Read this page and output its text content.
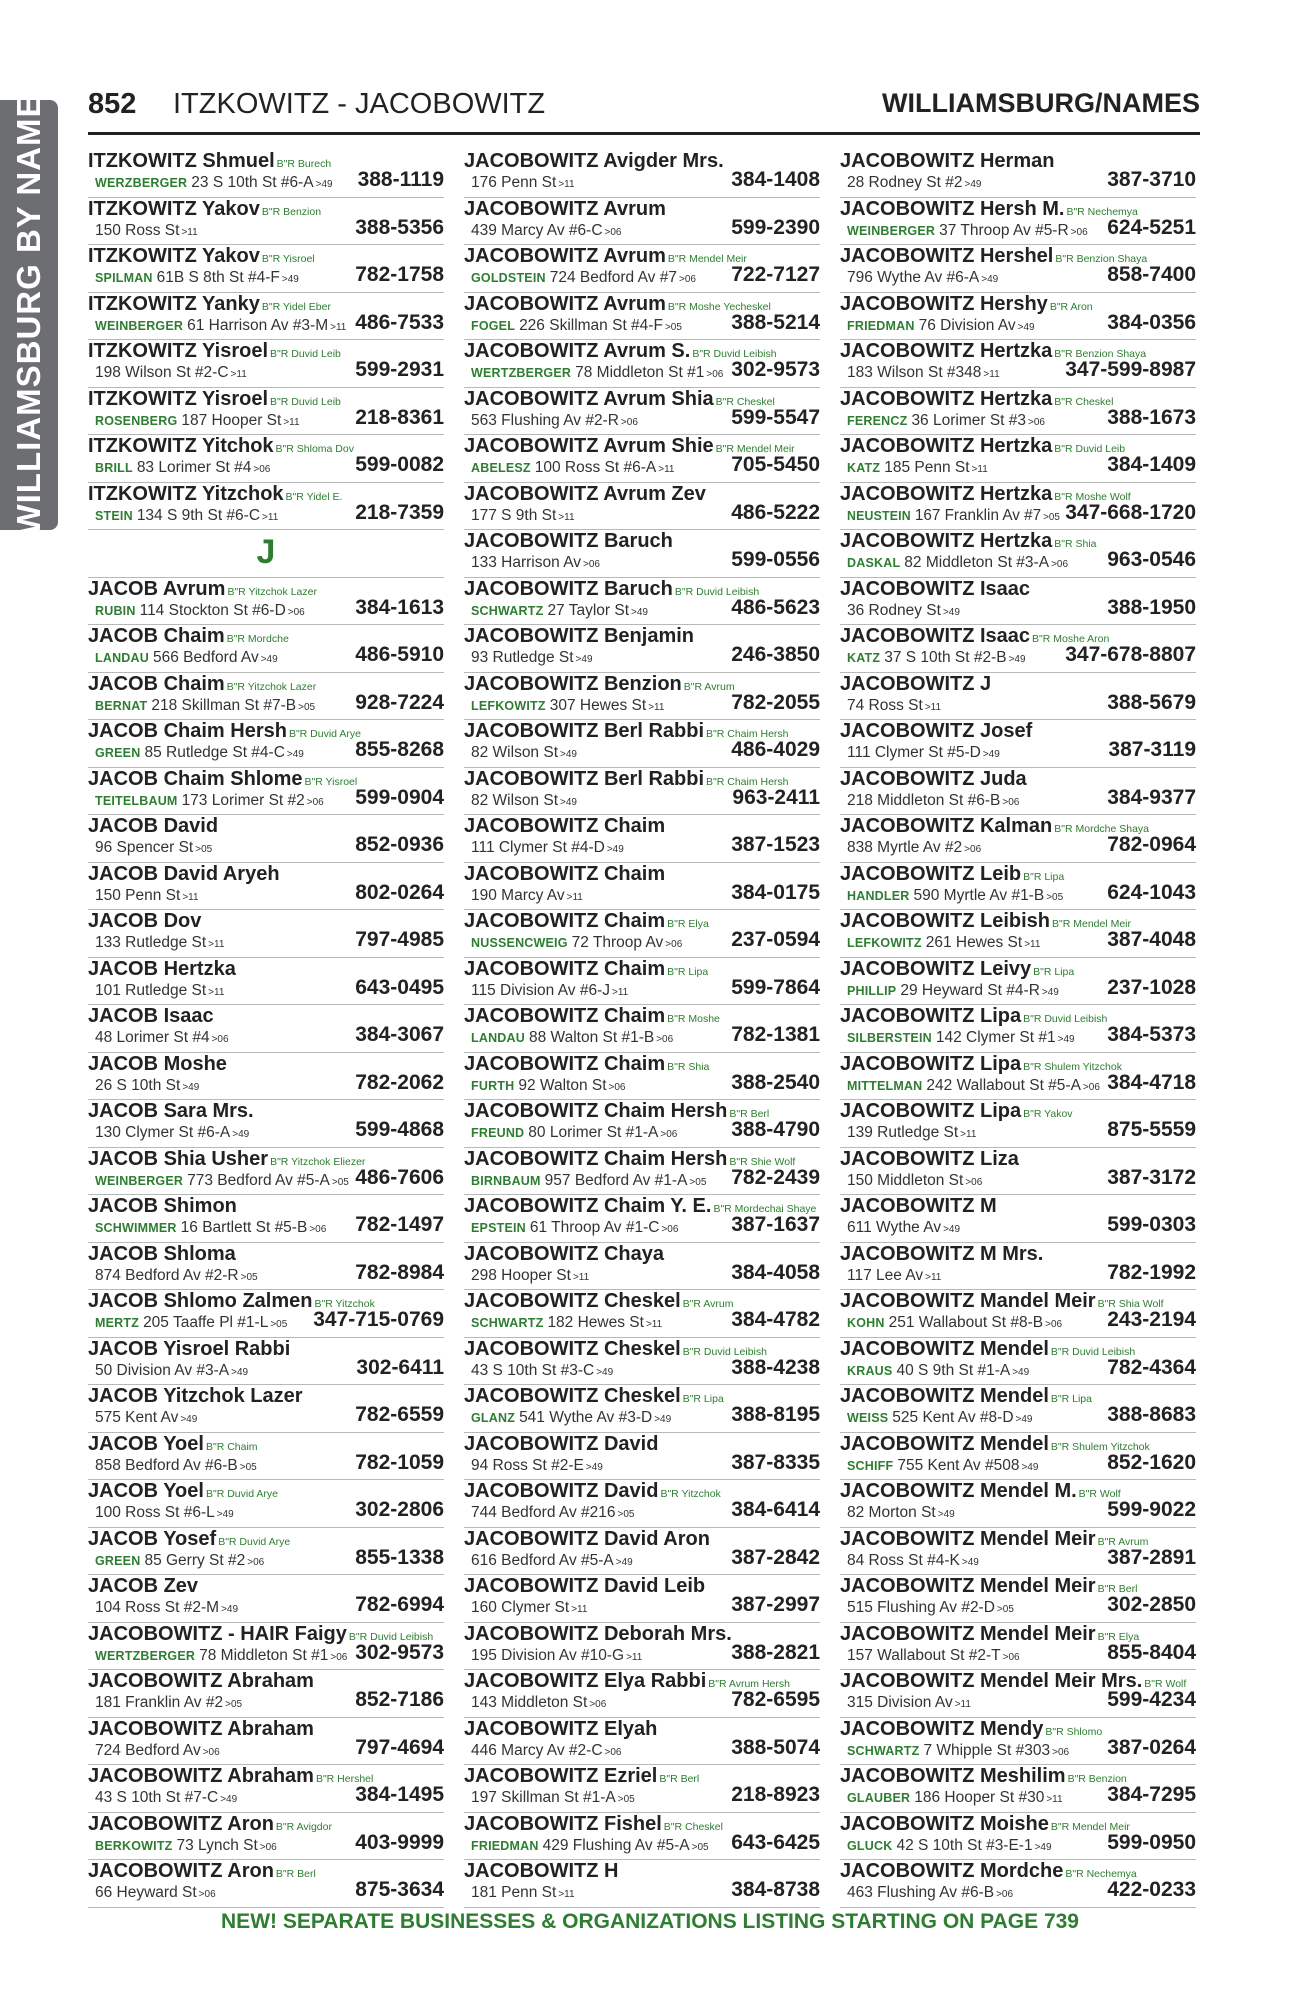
WILLIAMSBURG BY NAME 852 ITZKOWITZ - JACOBOWITZ	WILLIAMSBURG/NAMES
ITZKOWITZ Shmuel B"R Burech
WERZBERGER 23 S 10th St #6-A >49 388-1119
ITZKOWITZ Yakov B"R Benzion
150 Ross St >11	388-5356
ITZKOWITZ Yakov B"R Yisroel
SPILMAN 61B S 8th St #4-F >49	782-1758
ITZKOWITZ Yanky B"R Yidel Eber
WEINBERGER 61 Harrison Av #3-M >11 486-7533
ITZKOWITZ Yisroel B"R Duvid Leib
198 Wilson St #2-C >11	599-2931
ITZKOWITZ Yisroel B"R Duvid Leib
ROSENBERG 187 Hooper St >11	218-8361
ITZKOWITZ Yitchok B"R Shloma Dov
BRILL 83 Lorimer St #4 >06	599-0082
ITZKOWITZ Yitzchok B"R Yidel E.
STEIN 134 S 9th St #6-C >11	218-7359
J
JACOB Avrum B"R Yitzchok Lazer
RUBIN 114 Stockton St #6-D >06 384-1613
JACOB Chaim B"R Mordche
LANDAU 566 Bedford Av >49	486-5910
JACOB Chaim B"R Yitzchok Lazer
BERNAT 218 Skillman St #7-B >05 928-7224
JACOB Chaim Hersh B"R Duvid Arye
GREEN 85 Rutledge St #4-C >49 855-8268
JACOB Chaim Shlome B"R Yisroel
TEITELBAUM 173 Lorimer St #2 >06 599-0904
JACOB David
96 Spencer St >05	852-0936
JACOB David Aryeh
150 Penn St >11	802-0264
JACOB Dov
133 Rutledge St >11	797-4985
JACOB Hertzka
101 Rutledge St >11	643-0495
JACOB Isaac
48 Lorimer St #4 >06	384-3067
JACOB Moshe
26 S 10th St >49	782-2062
JACOB Sara Mrs.
130 Clymer St #6-A >49	599-4868
JACOB Shia Usher B"R Yitzchok Eliezer
WEINBERGER 773 Bedford Av #5-A >05 486-7606
JACOB Shimon
SCHWIMMER 16 Bartlett St #5-B >06 782-1497
JACOB Shloma
874 Bedford Av #2-R >05	782-8984
JACOB Shlomo Zalmen B"R Yitzchok
MERTZ 205 Taaffe Pl #1-L >05 347-715-0769
JACOB Yisroel Rabbi
50 Division Av #3-A >49	302-6411
JACOB Yitzchok Lazer
575 Kent Av >49	782-6559
JACOB Yoel B"R Chaim
858 Bedford Av #6-B >05	782-1059
JACOB Yoel B"R Duvid Arye
100 Ross St #6-L >49	302-2806
JACOB Yosef B"R Duvid Arye
GREEN 85 Gerry St #2 >06	855-1338
JACOB Zev
104 Ross St #2-M >49	782-6994
JACOBOWITZ - HAIR Faigy B"R Duvid Leibish
WERTZBERGER 78 Middleton St #1 >06 302-9573
JACOBOWITZ Abraham
181 Franklin Av #2 >05	852-7186
JACOBOWITZ Abraham
724 Bedford Av >06	797-4694
JACOBOWITZ Abraham B"R Hershel
43 S 10th St #7-C >49	384-1495
JACOBOWITZ Aron B"R Avigdor
BERKOWITZ 73 Lynch St >06	403-9999
JACOBOWITZ Aron B"R Berl
66 Heyward St >06	875-3634
JACOBOWITZ Avigder Mrs.
176 Penn St >11	384-1408
JACOBOWITZ Avrum
439 Marcy Av #6-C >06	599-2390
JACOBOWITZ Avrum B"R Mendel Meir
GOLDSTEIN 724 Bedford Av #7 >06 722-7127
JACOBOWITZ Avrum B"R Moshe Yecheskel
FOGEL 226 Skillman St #4-F >05 388-5214
JACOBOWITZ Avrum S. B"R Duvid Leibish
WERTZBERGER 78 Middleton St #1 >06 302-9573
JACOBOWITZ Avrum Shia B"R Cheskel
563 Flushing Av #2-R >06	599-5547
JACOBOWITZ Avrum Shie B"R Mendel Meir
ABELESZ 100 Ross St #6-A >11	705-5450
JACOBOWITZ Avrum Zev
177 S 9th St >11	486-5222
JACOBOWITZ Baruch
133 Harrison Av >06	599-0556
JACOBOWITZ Baruch B"R Duvid Leibish
SCHWARTZ 27 Taylor St >49	486-5623
JACOBOWITZ Benjamin
93 Rutledge St >49	246-3850
JACOBOWITZ Benzion B"R Avrum
LEFKOWITZ 307 Hewes St >11	782-2055
JACOBOWITZ Berl Rabbi B"R Chaim Hersh
82 Wilson St >49	486-4029
JACOBOWITZ Berl Rabbi B"R Chaim Hersh
82 Wilson St >49	963-2411
JACOBOWITZ Chaim
111 Clymer St #4-D >49	387-1523
JACOBOWITZ Chaim
190 Marcy Av >11	384-0175
JACOBOWITZ Chaim B"R Elya
NUSSENCWEIG 72 Throop Av >06 237-0594
JACOBOWITZ Chaim B"R Lipa
115 Division Av #6-J >11	599-7864
JACOBOWITZ Chaim B"R Moshe
LANDAU 88 Walton St #1-B >06	782-1381
JACOBOWITZ Chaim B"R Shia
FURTH 92 Walton St >06	388-2540
JACOBOWITZ Chaim Hersh B"R Berl
FREUND 80 Lorimer St #1-A >06	388-4790
JACOBOWITZ Chaim Hersh B"R Shie Wolf
BIRNBAUM 957 Bedford Av #1-A >05 782-2439
JACOBOWITZ Chaim Y. E. B"R Mordechai Shaye
EPSTEIN 61 Throop Av #1-C >06	387-1637
JACOBOWITZ Chaya
298 Hooper St >11	384-4058
JACOBOWITZ Cheskel B"R Avrum
SCHWARTZ 182 Hewes St >11	384-4782
JACOBOWITZ Cheskel B"R Duvid Leibish
43 S 10th St #3-C >49	388-4238
JACOBOWITZ Cheskel B"R Lipa
GLANZ 541 Wythe Av #3-D >49	388-8195
JACOBOWITZ David
94 Ross St #2-E >49	387-8335
JACOBOWITZ David B"R Yitzchok
744 Bedford Av #216 >05	384-6414
JACOBOWITZ David Aron
616 Bedford Av #5-A >49	387-2842
JACOBOWITZ David Leib
160 Clymer St >11	387-2997
JACOBOWITZ Deborah Mrs.
195 Division Av #10-G >11	388-2821
JACOBOWITZ Elya Rabbi B"R Avrum Hersh
143 Middleton St >06	782-6595
JACOBOWITZ Elyah
446 Marcy Av #2-C >06	388-5074
JACOBOWITZ Ezriel B"R Berl
197 Skillman St #1-A >05	218-8923
JACOBOWITZ Fishel B"R Cheskel
FRIEDMAN 429 Flushing Av #5-A >05 643-6425
JACOBOWITZ H
181 Penn St >11	384-8738
JACOBOWITZ Herman
28 Rodney St #2 >49	387-3710
JACOBOWITZ Hersh M. B"R Nechemya
WEINBERGER 37 Throop Av #5-R >06 624-5251
JACOBOWITZ Hershel B"R Benzion Shaya
796 Wythe Av #6-A >49	858-7400
JACOBOWITZ Hershy B"R Aron
FRIEDMAN 76 Division Av >49	384-0356
JACOBOWITZ Hertzka B"R Benzion Shaya
183 Wilson St #348 >11	347-599-8987
JACOBOWITZ Hertzka B"R Cheskel
FERENCZ 36 Lorimer St #3 >06	388-1673
JACOBOWITZ Hertzka B"R Duvid Leib
KATZ 185 Penn St >11	384-1409
JACOBOWITZ Hertzka B"R Moshe Wolf
NEUSTEIN 167 Franklin Av #7 >05 347-668-1720
JACOBOWITZ Hertzka B"R Shia
DASKAL 82 Middleton St #3-A >06 963-0546
JACOBOWITZ Isaac
36 Rodney St >49	388-1950
JACOBOWITZ Isaac B"R Moshe Aron
KATZ 37 S 10th St #2-B >49 347-678-8807
JACOBOWITZ J
74 Ross St >11	388-5679
JACOBOWITZ Josef
111 Clymer St #5-D >49	387-3119
JACOBOWITZ Juda
218 Middleton St #6-B >06	384-9377
JACOBOWITZ Kalman B"R Mordche Shaya
838 Myrtle Av #2 >06	782-0964
JACOBOWITZ Leib B"R Lipa
HANDLER 590 Myrtle Av #1-B >05 624-1043
JACOBOWITZ Leibish B"R Mendel Meir
LEFKOWITZ 261 Hewes St >11	387-4048
JACOBOWITZ Leivy B"R Lipa
PHILLIP 29 Heyward St #4-R >49 237-1028
JACOBOWITZ Lipa B"R Duvid Leibish
SILBERSTEIN 142 Clymer St #1 >49 384-5373
JACOBOWITZ Lipa B"R Shulem Yitzchok
MITTELMAN 242 Wallabout St #5-A >06 384-4718
JACOBOWITZ Lipa B"R Yakov
139 Rutledge St >11	875-5559
JACOBOWITZ Liza
150 Middleton St >06	387-3172
JACOBOWITZ M
611 Wythe Av >49	599-0303
JACOBOWITZ M Mrs.
117 Lee Av >11	782-1992
JACOBOWITZ Mandel Meir B"R Shia Wolf
KOHN 251 Wallabout St #8-B >06 243-2194
JACOBOWITZ Mendel B"R Duvid Leibish
KRAUS 40 S 9th St #1-A >49	782-4364
JACOBOWITZ Mendel B"R Lipa
WEISS 525 Kent Av #8-D >49	388-8683
JACOBOWITZ Mendel B"R Shulem Yitzchok
SCHIFF 755 Kent Av #508 >49	852-1620
JACOBOWITZ Mendel M. B"R Wolf
82 Morton St >49	599-9022
JACOBOWITZ Mendel Meir B"R Avrum
84 Ross St #4-K >49	387-2891
JACOBOWITZ Mendel Meir B"R Berl
515 Flushing Av #2-D >05	302-2850
JACOBOWITZ Mendel Meir B"R Elya
157 Wallabout St #2-T >06	855-8404
JACOBOWITZ Mendel Meir Mrs. B"R Wolf
315 Division Av >11	599-4234
JACOBOWITZ Mendy B"R Shlomo
SCHWARTZ 7 Whipple St #303 >06 387-0264
JACOBOWITZ Meshilim B"R Benzion
GLAUBER 186 Hooper St #30 >11 384-7295
JACOBOWITZ Moishe B"R Mendel Meir
GLUCK 42 S 10th St #3-E-1 >49	599-0950
JACOBOWITZ Mordche B"R Nechemya
463 Flushing Av #6-B >06	422-0233
NEW! SEPARATE BUSINESSES & ORGANIZATIONS LISTING STARTING ON PAGE 739
